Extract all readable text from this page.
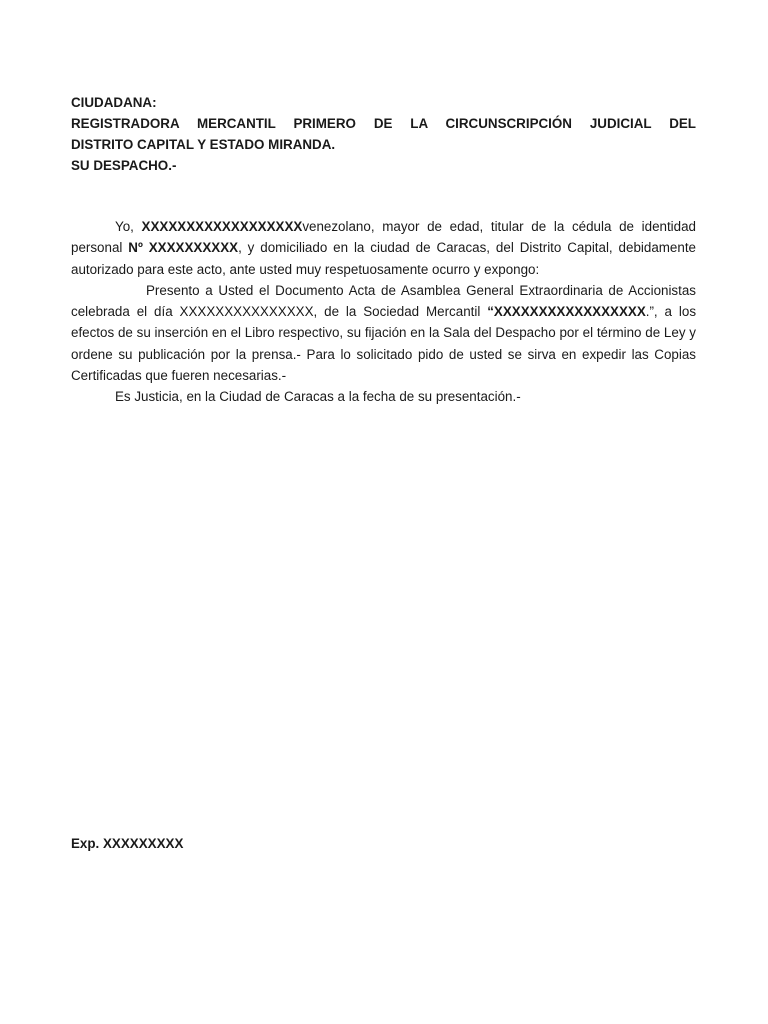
CIUDADANA:
REGISTRADORA MERCANTIL PRIMERO DE LA CIRCUNSCRIPCIÓN JUDICIAL DEL
DISTRITO CAPITAL Y ESTADO MIRANDA.
SU DESPACHO.-

Yo, XXXXXXXXXXXXXXXXXXvenezolano, mayor de edad, titular de la cédula de identidad personal Nº XXXXXXXXXX, y domiciliado en la ciudad de Caracas, del Distrito Capital, debidamente autorizado para este acto, ante usted muy respetuosamente ocurro y expongo:

Presento a Usted el Documento Acta de Asamblea General Extraordinaria de Accionistas celebrada el día XXXXXXXXXXXXXXX, de la Sociedad Mercantil “XXXXXXXXXXXXXXXXX.”, a los efectos de su inserción en el Libro respectivo, su fijación en la Sala del Despacho por el término de Ley y ordene su publicación por la prensa.- Para lo solicitado pido de usted se sirva en expedir las Copias Certificadas que fueren necesarias.-

Es Justicia, en la Ciudad de Caracas a la fecha de su presentación.-

Exp. XXXXXXXXX
